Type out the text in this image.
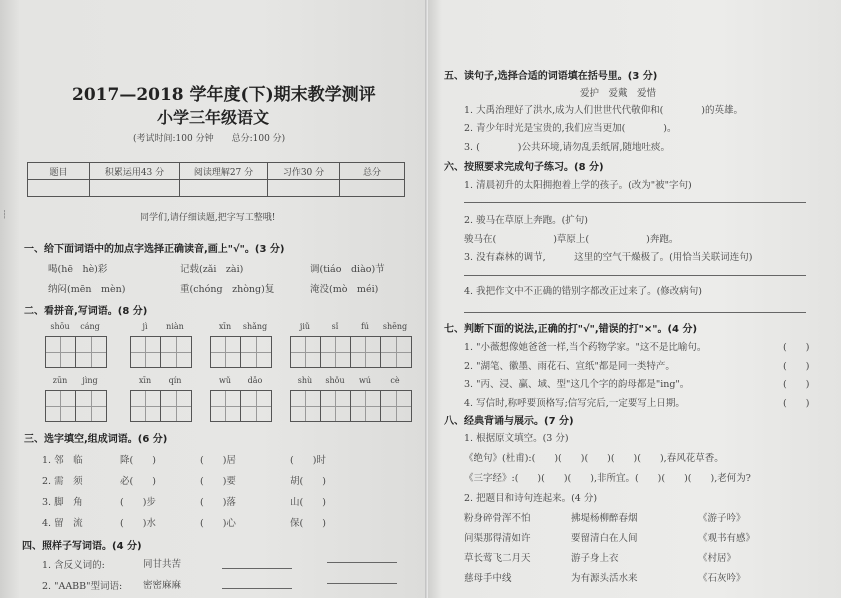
┆
2017—2018 学年度(下)期末教学测评
小学三年级语文
(考试时间:100 分钟　　总分:100 分)
题目	积累运用43 分	阅读理解27 分	习作30 分	总分

同学们,请仔细读题,把字写工整哦!
一、给下面词语中的加点字选择正确读音,画上"√"。(3 分)
喝(hē　hè)彩	记载(zǎi　zài)	调(tiáo　diào)节
纳闷(mēn　mèn)	重(chóng　zhòng)复	淹没(mò　méi)
二、看拼音,写词语。(8 分)
shōu	cáng	jì	niàn	xīn	shǎng	jiǔ	sǐ	fú	shēng
zūn	jìng	xīn	qín	wǔ	dǎo	shù	shǒu	wú	cè
三、选字填空,组成词语。(6 分)
1. 邻　临	降(　　)	(　　)居	(　　)时
2. 需　须	必(　　)	(　　)要	胡(　　)
3. 脚　角	(　　)步	(　　)落	山(　　)
4. 留　流	(　　)水	(　　)心	保(　　)
四、照样子写词语。(4 分)
1. 含反义词的:	同甘共苦
2. "AABB"型词语: 密密麻麻
五、读句子,选择合适的词语填在括号里。(3 分)
爱护　爱戴　爱惜
1. 大禹治理好了洪水,成为人们世世代代敬仰和(　　　　)的英雄。
2. 青少年时光是宝贵的,我们应当更加(　　　　)。
3. (　　　　)公共环境,请勿乱丢纸屑,随地吐痰。
六、按照要求完成句子练习。(8 分)
1. 清晨初升的太阳拥抱着上学的孩子。(改为"被"字句)
2. 骏马在草原上奔跑。(扩句)
骏马在(　　　　　　)草原上(　　　　　　)奔跑。
3. 没有森林的调节,　　　这里的空气干燥极了。(用恰当关联词连句)
4. 我把作文中不正确的错别字都改正过来了。(修改病句)
七、判断下面的说法,正确的打"√",错误的打"×"。(4 分)
1. "小薇想像她爸爸一样,当个药物学家。"这不是比喻句。	(　　)
2. "湖笔、徽墨、雨花石、宣纸"都是同一类特产。	(　　)
3. "丙、浸、赢、域、型"这几个字的韵母都是"ing"。	(　　)
4. 写信时,称呼要顶格写;信写完后,一定要写上日期。	(　　)
八、经典背诵与展示。(7 分)
1. 根据原文填空。(3 分)
《绝句》(杜甫):(　　)(　　)(　　)(　　)(　　),春风花草香。
《三字经》:(　　)(　　)(　　),非所宜。(　　)(　　)(　　),老何为?
2. 把题目和诗句连起来。(4 分)
粉身碎骨浑不怕	拂堤杨柳醉春烟	《游子吟》
问渠那得清如许	要留清白在人间	《观书有感》
草长莺飞二月天	游子身上衣	《村居》
慈母手中线	为有源头活水来	《石灰吟》
